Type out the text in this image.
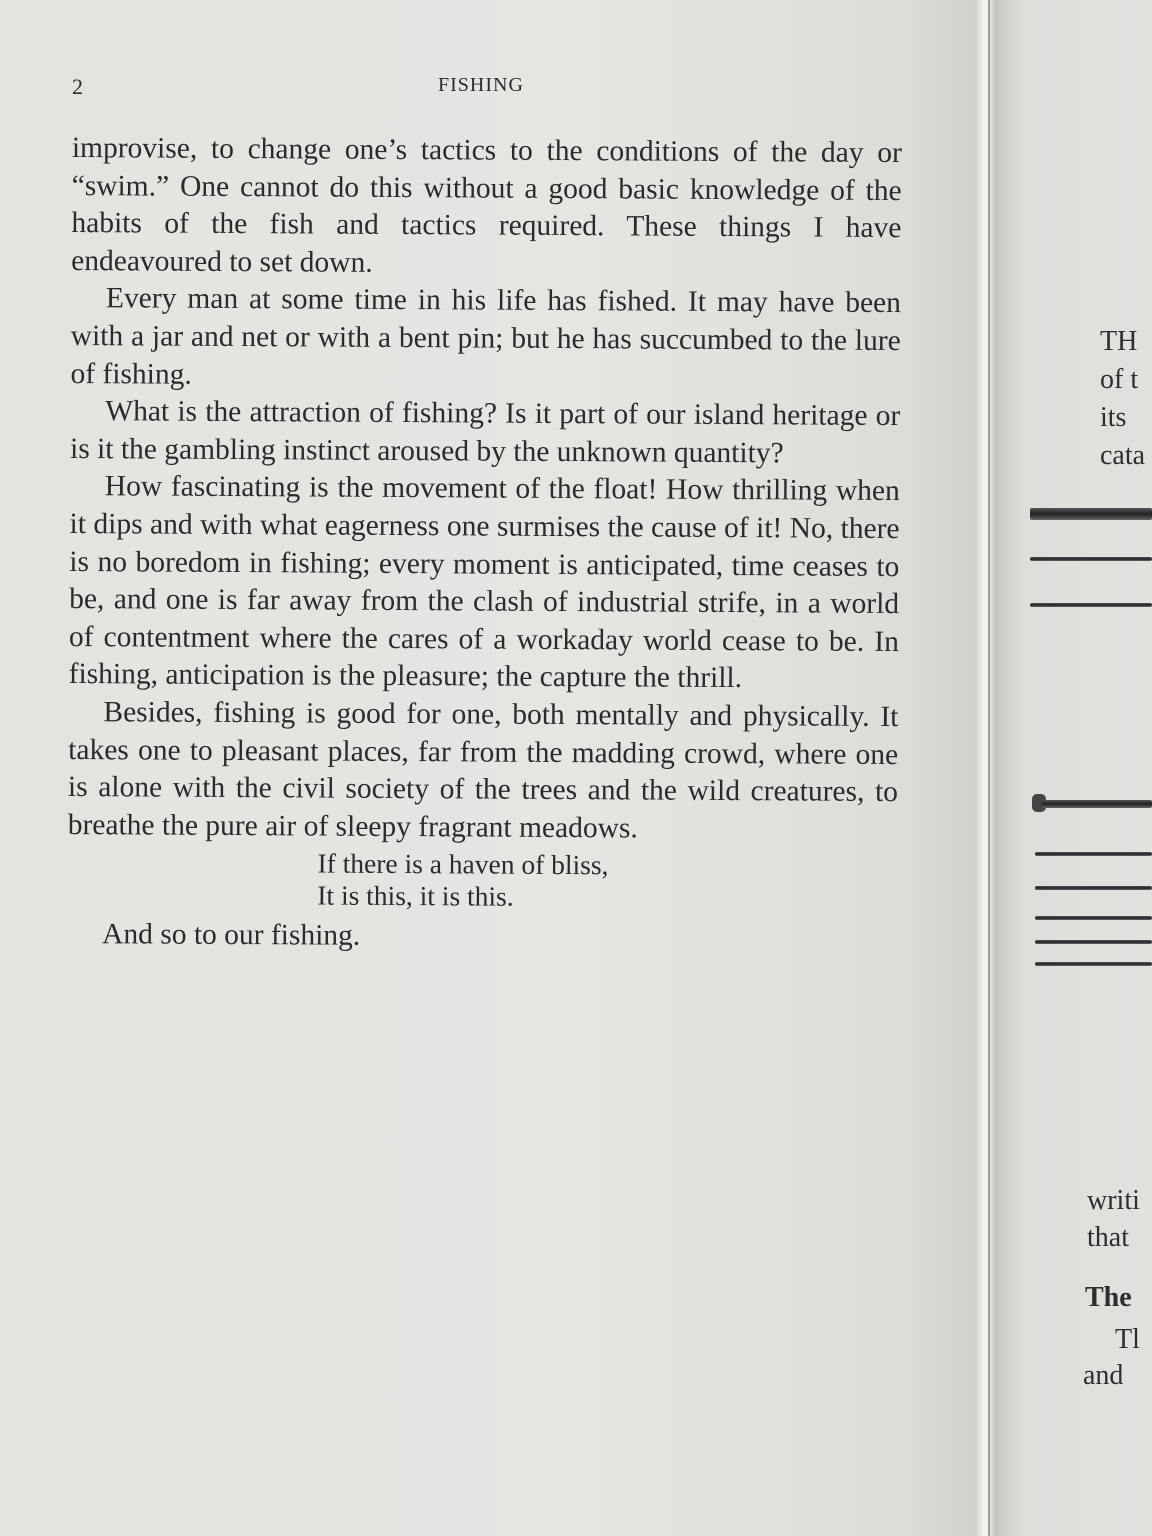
2	FISHING

improvise, to change one’s tactics to the conditions of the day or “swim.” One cannot do this without a good basic knowledge of the habits of the fish and tactics required. These things I have endeavoured to set down.

Every man at some time in his life has fished. It may have been with a jar and net or with a bent pin; but he has succumbed to the lure of fishing.

What is the attraction of fishing? Is it part of our island heritage or is it the gambling instinct aroused by the unknown quantity?

How fascinating is the movement of the float! How thrilling when it dips and with what eagerness one surmises the cause of it! No, there is no boredom in fishing; every moment is anticipated, time ceases to be, and one is far away from the clash of industrial strife, in a world of contentment where the cares of a workaday world cease to be. In fishing, anticipation is the pleasure; the capture the thrill.

Besides, fishing is good for one, both mentally and physically. It takes one to pleasant places, far from the madding crowd, where one is alone with the civil society of the trees and the wild creatures, to breathe the pure air of sleepy fragrant meadows.

If there is a haven of bliss,
It is this, it is this.

And so to our fishing.

TH
of t
its
cata
writi
that
The
Tl
and
